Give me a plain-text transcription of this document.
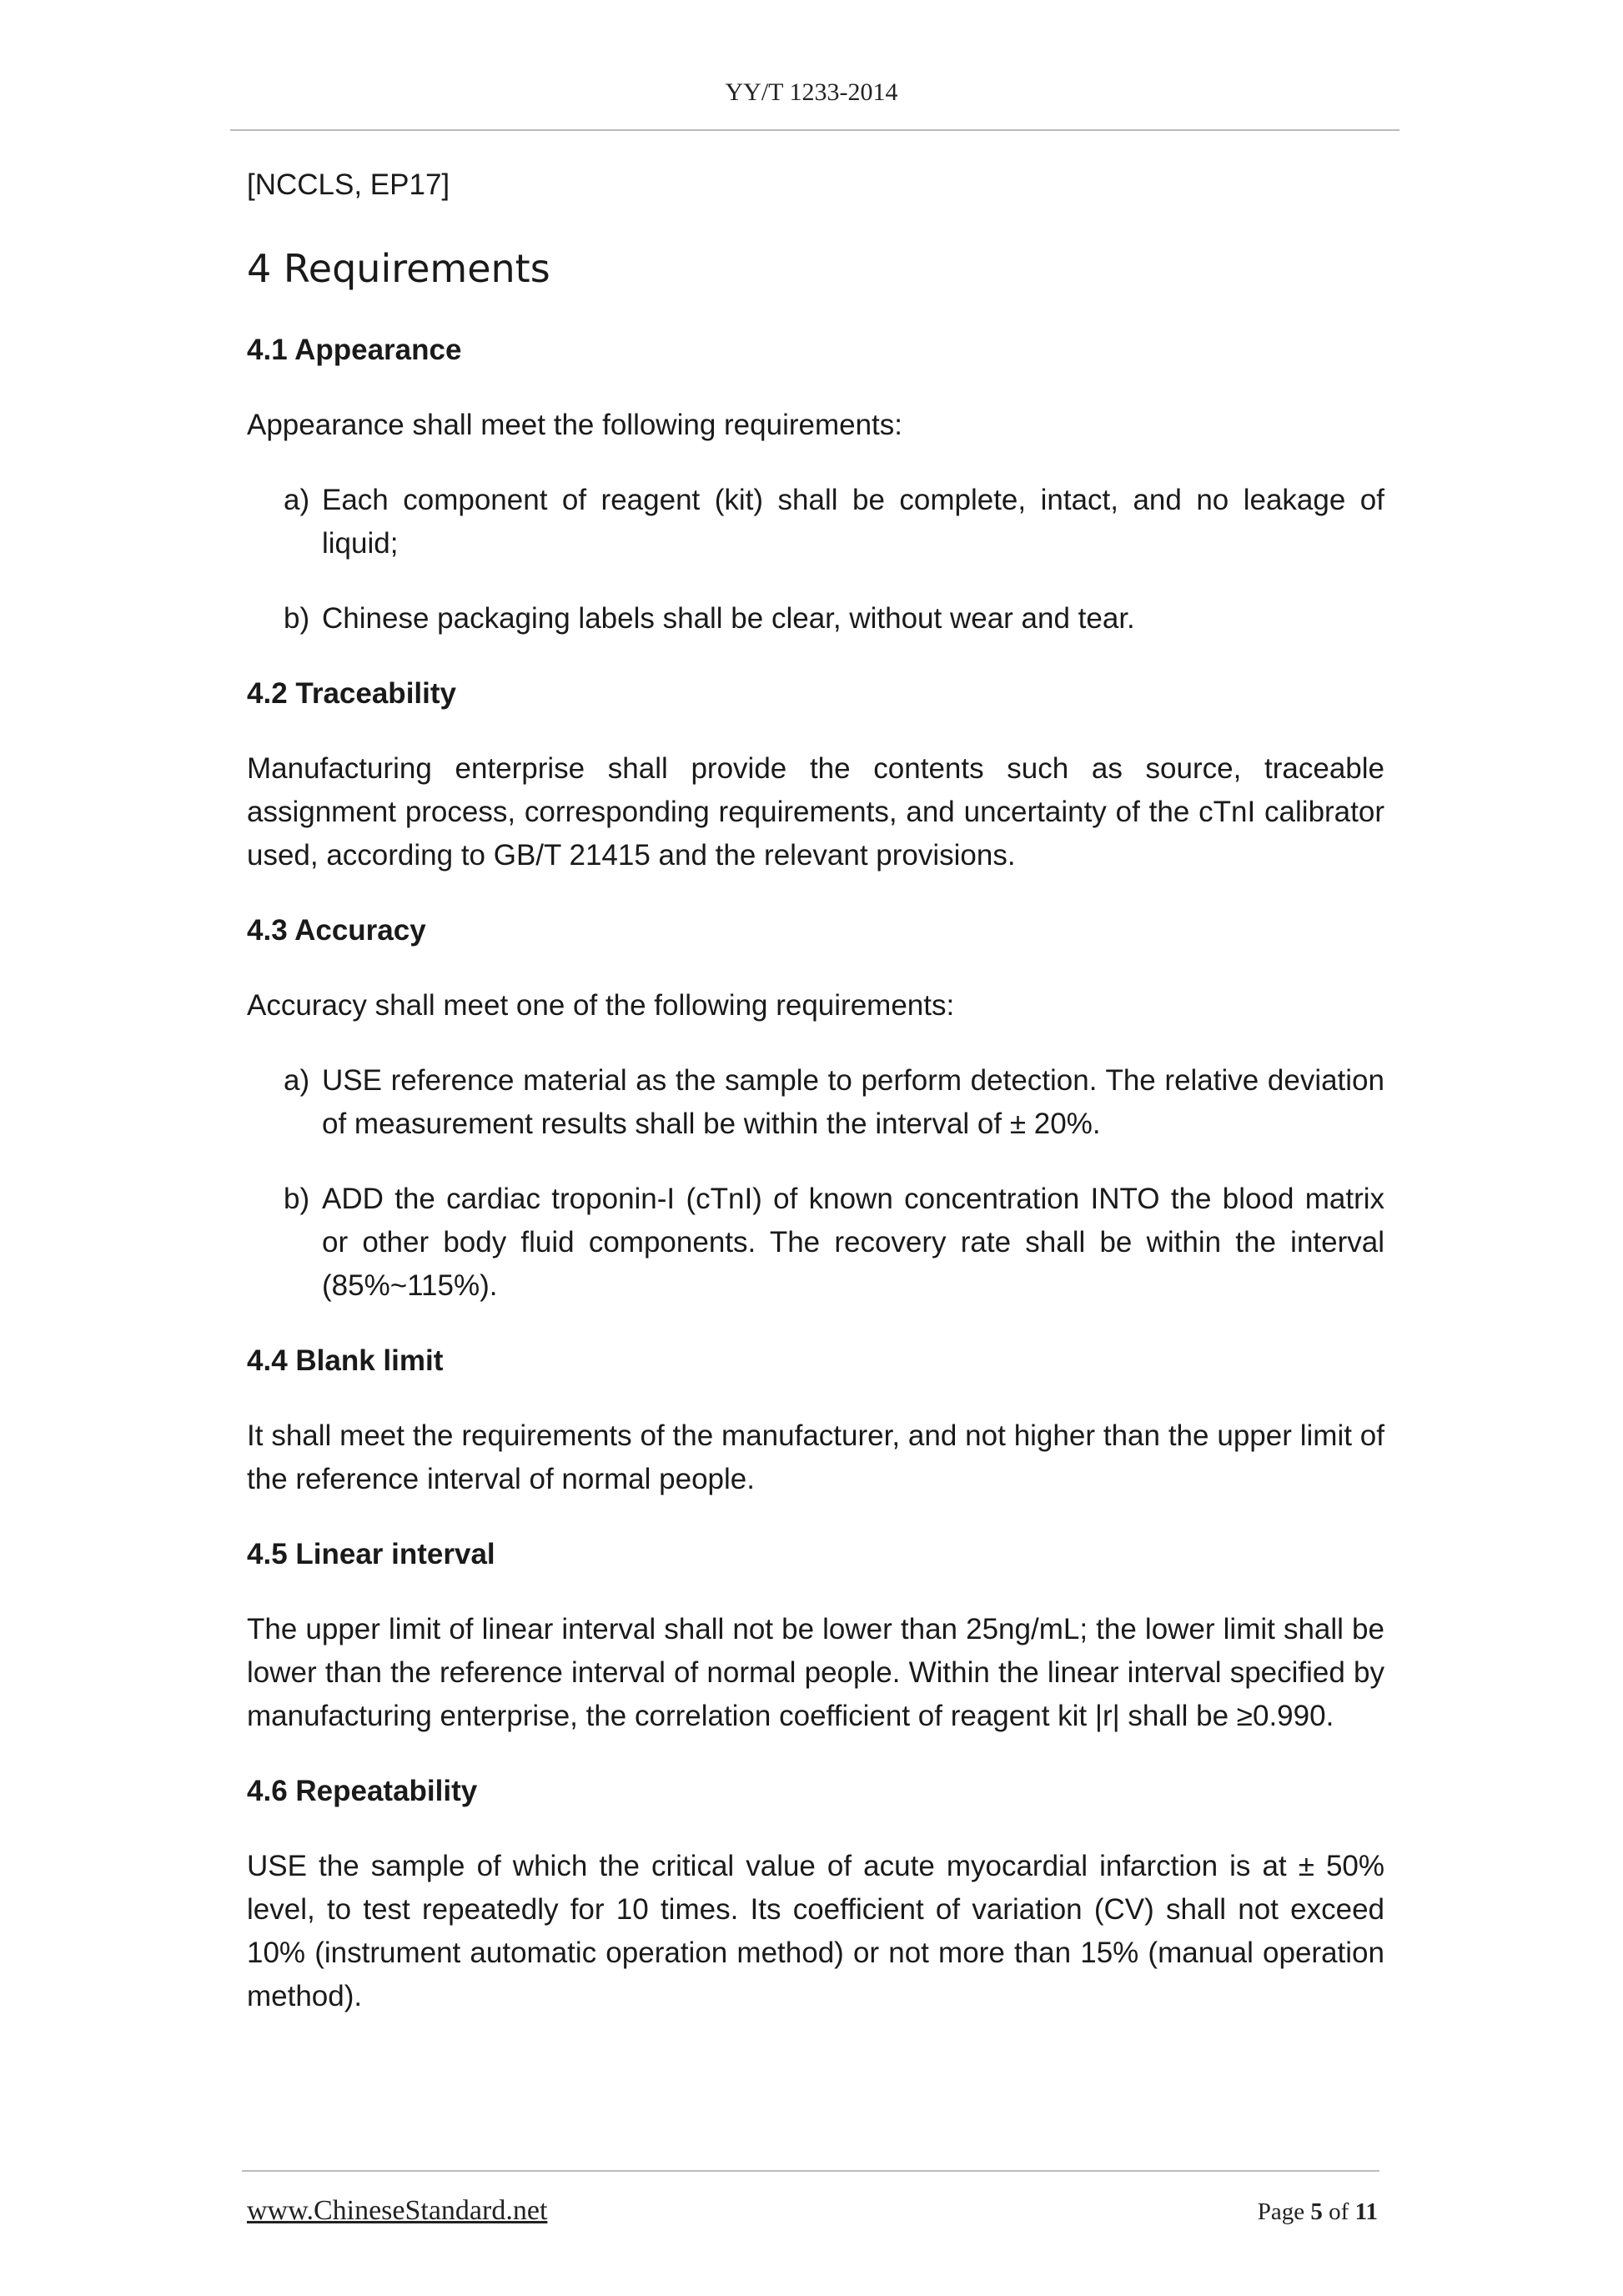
YY/T 1233-2014

[NCCLS, EP17]

4 Requirements
4.1 Appearance

Appearance shall meet the following requirements:

a) Each component of reagent (kit) shall be complete, intact, and no leakage of liquid;
b) Chinese packaging labels shall be clear, without wear and tear.
4.2 Traceability

Manufacturing enterprise shall provide the contents such as source, traceable assignment process, corresponding requirements, and uncertainty of the cTnI calibrator used, according to GB/T 21415 and the relevant provisions.

4.3 Accuracy

Accuracy shall meet one of the following requirements:

a) USE reference material as the sample to perform detection. The relative deviation of measurement results shall be within the interval of ± 20%.
b) ADD the cardiac troponin-I (cTnI) of known concentration INTO the blood matrix or other body fluid components. The recovery rate shall be within the interval (85%~115%).
4.4 Blank limit

It shall meet the requirements of the manufacturer, and not higher than the upper limit of the reference interval of normal people.

4.5 Linear interval

The upper limit of linear interval shall not be lower than 25ng/mL; the lower limit shall be lower than the reference interval of normal people. Within the linear interval specified by manufacturing enterprise, the correlation coefficient of reagent kit |r| shall be ≥0.990.

4.6 Repeatability

USE the sample of which the critical value of acute myocardial infarction is at ± 50% level, to test repeatedly for 10 times. Its coefficient of variation (CV) shall not exceed 10% (instrument automatic operation method) or not more than 15% (manual operation method).

www.ChineseStandard.net	Page 5 of 11
